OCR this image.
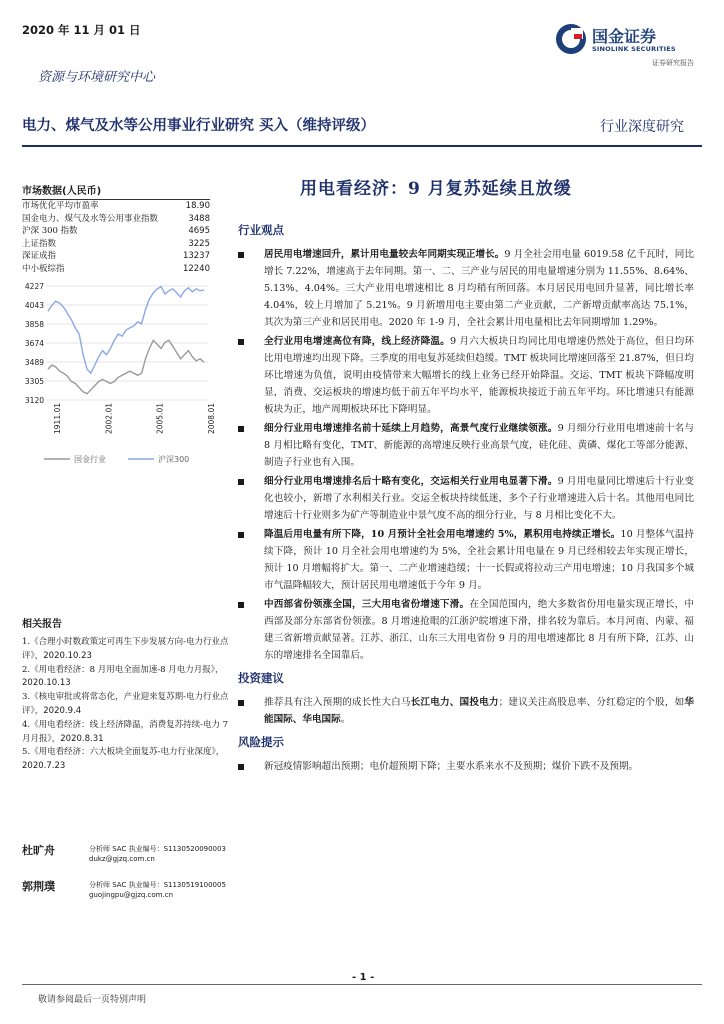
2020 年 11 月 01 日	国金证券
SINOLINK SECURITIES
证券研究报告
资源与环境研究中心
电力、煤气及水等公用事业行业研究 买入（维持评级）	行业深度研究
市场数据(人民币)
市场优化平均市盈率	18.90
国金电力、煤气及水等公用事业指数	3488
沪深 300 指数	4695
上证指数	3225
深证成指	13237
中小板综指	12240
4227
4043
3858
3674
3489
3305
3120
1911.01	2002.01	2005.01	2008.01
国金行业	沪深300
相关报告
1.《合理小时数政策定可再生下步发展方向-电力行业点评》，2020.10.23
2.《用电看经济：8 月用电全面加速-8 月电力月报》，2020.10.13
3.《核电审批或将常态化，产业迎来复苏期-电力行业点评》，2020.9.4
4.《用电看经济：线上经济降温，消费复苏持续-电力 7 月月报》，2020.8.31
5.《用电看经济：六大板块全面复苏-电力行业深度》，2020.7.23
杜旷舟	分析师 SAC 执业编号：S1130520090003
dukz@gjzq.com.cn
郭荆璞	分析师 SAC 执业编号：S1130519100005
guojingpu@gjzq.com.cn
用电看经济：9 月复苏延续且放缓
行业观点
居民用电增速回升，累计用电量较去年同期实现正增长。9 月全社会用电量 6019.58 亿千瓦时，同比增长 7.22%，增速高于去年同期。第一、二、三产业与居民的用电量增速分别为 11.55%、8.64%、5.13%、4.04%。三大产业用电增速相比 8 月均稍有所回落。本月居民用电回升显著，同比增长率 4.04%，较上月增加了 5.21%。9 月新增用电主要由第二产业贡献，二产新增贡献率高达 75.1%，其次为第三产业和居民用电。2020 年 1-9 月，全社会累计用电量相比去年同期增加 1.29%。
全行业用电增速高位有降，线上经济降温。9 月六大板块日均同比用电增速仍然处于高位，但日均环比用电增速均出现下降。三季度的用电复苏延续但趋缓。TMT 板块同比增速回落至 21.87%，但日均环比增速为负值，说明由疫情带来大幅增长的线上业务已经开始降温。交运、TMT 板块下降幅度明显，消费、交运板块的增速均低于前五年平均水平，能源板块接近于前五年平均。环比增速只有能源板块为正，地产周期板块环比下降明显。
细分行业用电增速排名前十延续上月趋势，高景气度行业继续领涨。9 月细分行业用电增速前十名与 8 月相比略有变化，TMT、新能源的高增速反映行业高景气度，硅化硅、黄磷、煤化工等部分能源、制造子行业也有入围。
细分行业用电增速排名后十略有变化，交运相关行业用电显著下滑。9 月用电量同比增速后十行业变化也较小，新增了水利相关行业。交运全板块持续低迷，多个子行业增速进入后十名。其他用电同比增速后十行业则多为矿产等制造业中景气度不高的细分行业，与 8 月相比变化不大。
降温后用电量有所下降，10 月预计全社会用电增速约 5%，累积用电持续正增长。10 月整体气温持续下降，预计 10 月全社会用电增速约为 5%，全社会累计用电量在 9 月已经相较去年实现正增长，预计 10 月增幅将扩大。第一、二产业增速趋缓；十一长假或将拉动三产用电增速；10 月我国多个城市气温降幅较大，预计居民用电增速低于今年 9 月。
中西部省份领涨全国，三大用电省份增速下滑。在全国范围内，绝大多数省份用电量实现正增长，中西部及部分东部省份领涨。8 月增速抢眼的江浙沪皖增速下滑，排名较为靠后。本月河南、内蒙、福建三省新增贡献显著。江苏、浙江、山东三大用电省份 9 月的用电增速都比 8 月有所下降，江苏、山东的增速排名全国靠后。
投资建议
推荐具有注入预期的成长性大白马长江电力、国投电力；建议关注高股息率、分红稳定的个股，如华能国际、华电国际。
风险提示
新冠疫情影响超出预期；电价超预期下降；主要水系来水不及预期；煤价下跌不及预期。
- 1 -
敬请参阅最后一页特别声明
